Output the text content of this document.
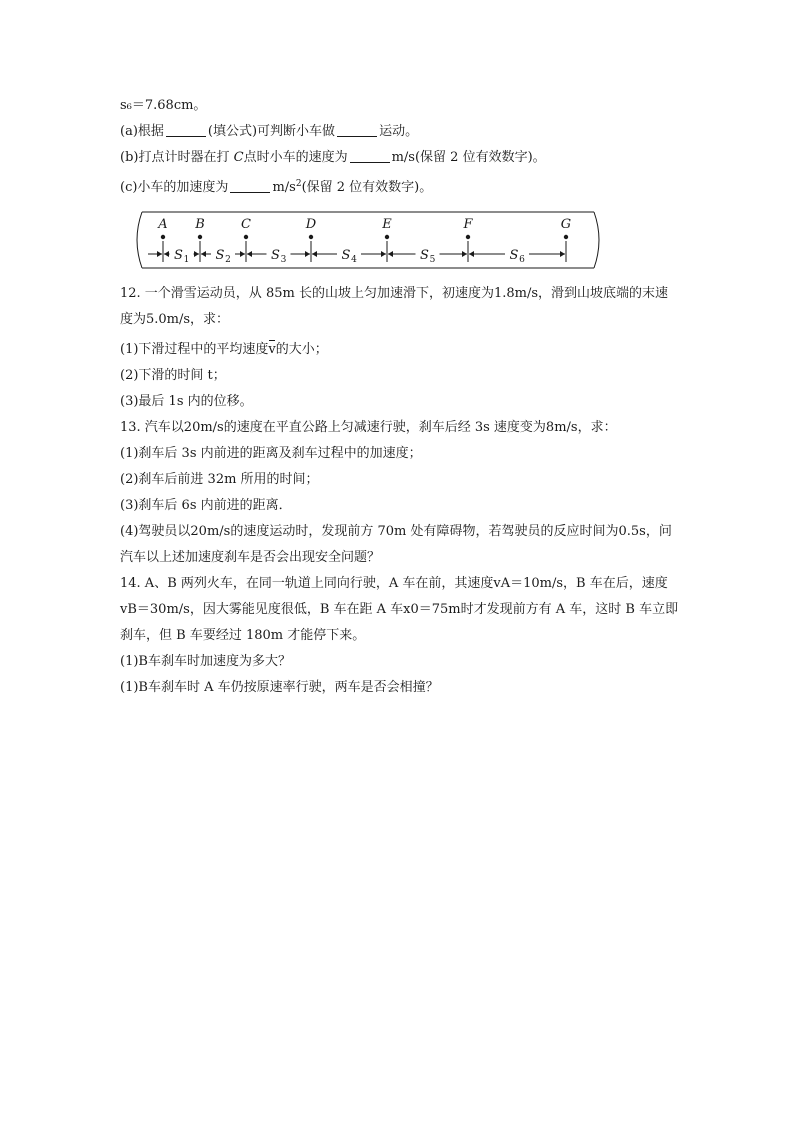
s₆＝7.68cm。
(a)根据	(填公式)可判断小车做	运动。
(b)打点计时器在打 C点时小车的速度为	m/s(保留 2 位有效数字)。
(c)小车的加速度为	$m/s^2$(保留 2 位有效数字)。
A B	C	D	E	F	G
S 1 S 2	S 3	S 4	S 5	S 6
12. 一个滑雪运动员，从 85m 长的山坡上匀加速滑下，初速度为1.8m/s，滑到山坡底端的末速
度为5.0m/s，求：
(1)下滑过程中的平均速度v的大小；
(2)下滑的时间 t；
(3)最后 1s 内的位移。
13. 汽车以20m/s的速度在平直公路上匀减速行驶，刹车后经 3s 速度变为8m/s，求：
(1)刹车后 3s 内前进的距离及刹车过程中的加速度；
(2)刹车后前进 32m 所用的时间；
(3)刹车后 6s 内前进的距离．
(4)驾驶员以20m/s的速度运动时，发现前方 70m 处有障碍物，若驾驶员的反应时间为0.5s，问
汽车以上述加速度刹车是否会出现安全问题？
14. A、B 两列火车，在同一轨道上同向行驶，A 车在前，其速度vA＝10m/s，B 车在后，速度
vB＝30m/s，因大雾能见度很低，B 车在距 A 车x0＝75m时才发现前方有 A 车，这时 B 车立即
刹车，但 B 车要经过 180m 才能停下来。
(1)B车刹车时加速度为多大？
(1)B车刹车时 A 车仍按原速率行驶，两车是否会相撞？
